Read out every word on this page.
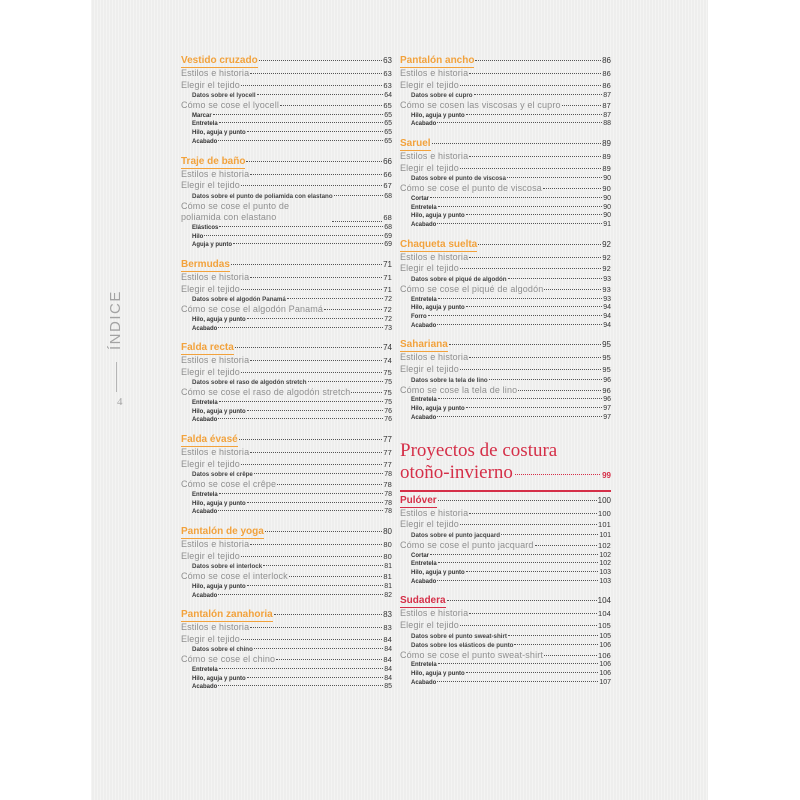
ÍNDICE
4
Vestido cruzado	63
Estilos e historia	63
Elegir el tejido	63
Datos sobre el lyocell	64
Cómo se cose el lyocell	65
Marcar	65
Entretela	65
Hilo, aguja y punto	65
Acabado	65
Traje de baño	66
Estilos e historia	66
Elegir el tejido	67
Datos sobre el punto de poliamida con elastano	68
Cómo se cose el punto de poliamida con elastano	68
Elásticos	68
Hilo	69
Aguja y punto	69
Bermudas	71
Estilos e historia	71
Elegir el tejido	71
Datos sobre el algodón Panamá	72
Cómo se cose el algodón Panamá	72
Hilo, aguja y punto	72
Acabado	73
Falda recta	74
Estilos e historia	74
Elegir el tejido	75
Datos sobre el raso de algodón stretch	75
Cómo se cose el raso de algodón stretch	75
Entretela	75
Hilo, aguja y punto	76
Acabado	76
Falda évasé	77
Estilos e historia	77
Elegir el tejido	77
Datos sobre el crêpe	78
Cómo se cose el crêpe	78
Entretela	78
Hilo, aguja y punto	78
Acabado	78
Pantalón de yoga	80
Estilos e historia	80
Elegir el tejido	80
Datos sobre el interlock	81
Cómo se cose el interlock	81
Hilo, aguja y punto	81
Acabado	82
Pantalón zanahoria	83
Estilos e historia	83
Elegir el tejido	84
Datos sobre el chino	84
Cómo se cose el chino	84
Entretela	84
Hilo, aguja y punto	84
Acabado	85
Pantalón ancho	86
Estilos e historia	86
Elegir el tejido	86
Datos sobre el cupro	87
Cómo se cosen las viscosas y el cupro	87
Hilo, aguja y punto	87
Acabado	88
Saruel	89
Estilos e historia	89
Elegir el tejido	89
Datos sobre el punto de viscosa	90
Cómo se cose el punto de viscosa	90
Cortar	90
Entretela	90
Hilo, aguja y punto	90
Acabado	91
Chaqueta suelta	92
Estilos e historia	92
Elegir el tejido	92
Datos sobre el piqué de algodón	93
Cómo se cose el piqué de algodón	93
Entretela	93
Hilo, aguja y punto	94
Forro	94
Acabado	94
Sahariana	95
Estilos e historia	95
Elegir el tejido	95
Datos sobre la tela de lino	96
Cómo se cose la tela de lino	96
Entretela	96
Hilo, aguja y punto	97
Acabado	97
Proyectos de costura
otoño-invierno	99
Pulóver	100
Estilos e historia	100
Elegir el tejido	101
Datos sobre el punto jacquard	101
Cómo se cose el punto jacquard	102
Cortar	102
Entretela	102
Hilo, aguja y punto	103
Acabado	103
Sudadera	104
Estilos e historia	104
Elegir el tejido	105
Datos sobre el punto sweat-shirt	105
Datos sobre los elásticos de punto	106
Cómo se cose el punto sweat-shirt	106
Entretela	106
Hilo, aguja y punto	106
Acabado	107
